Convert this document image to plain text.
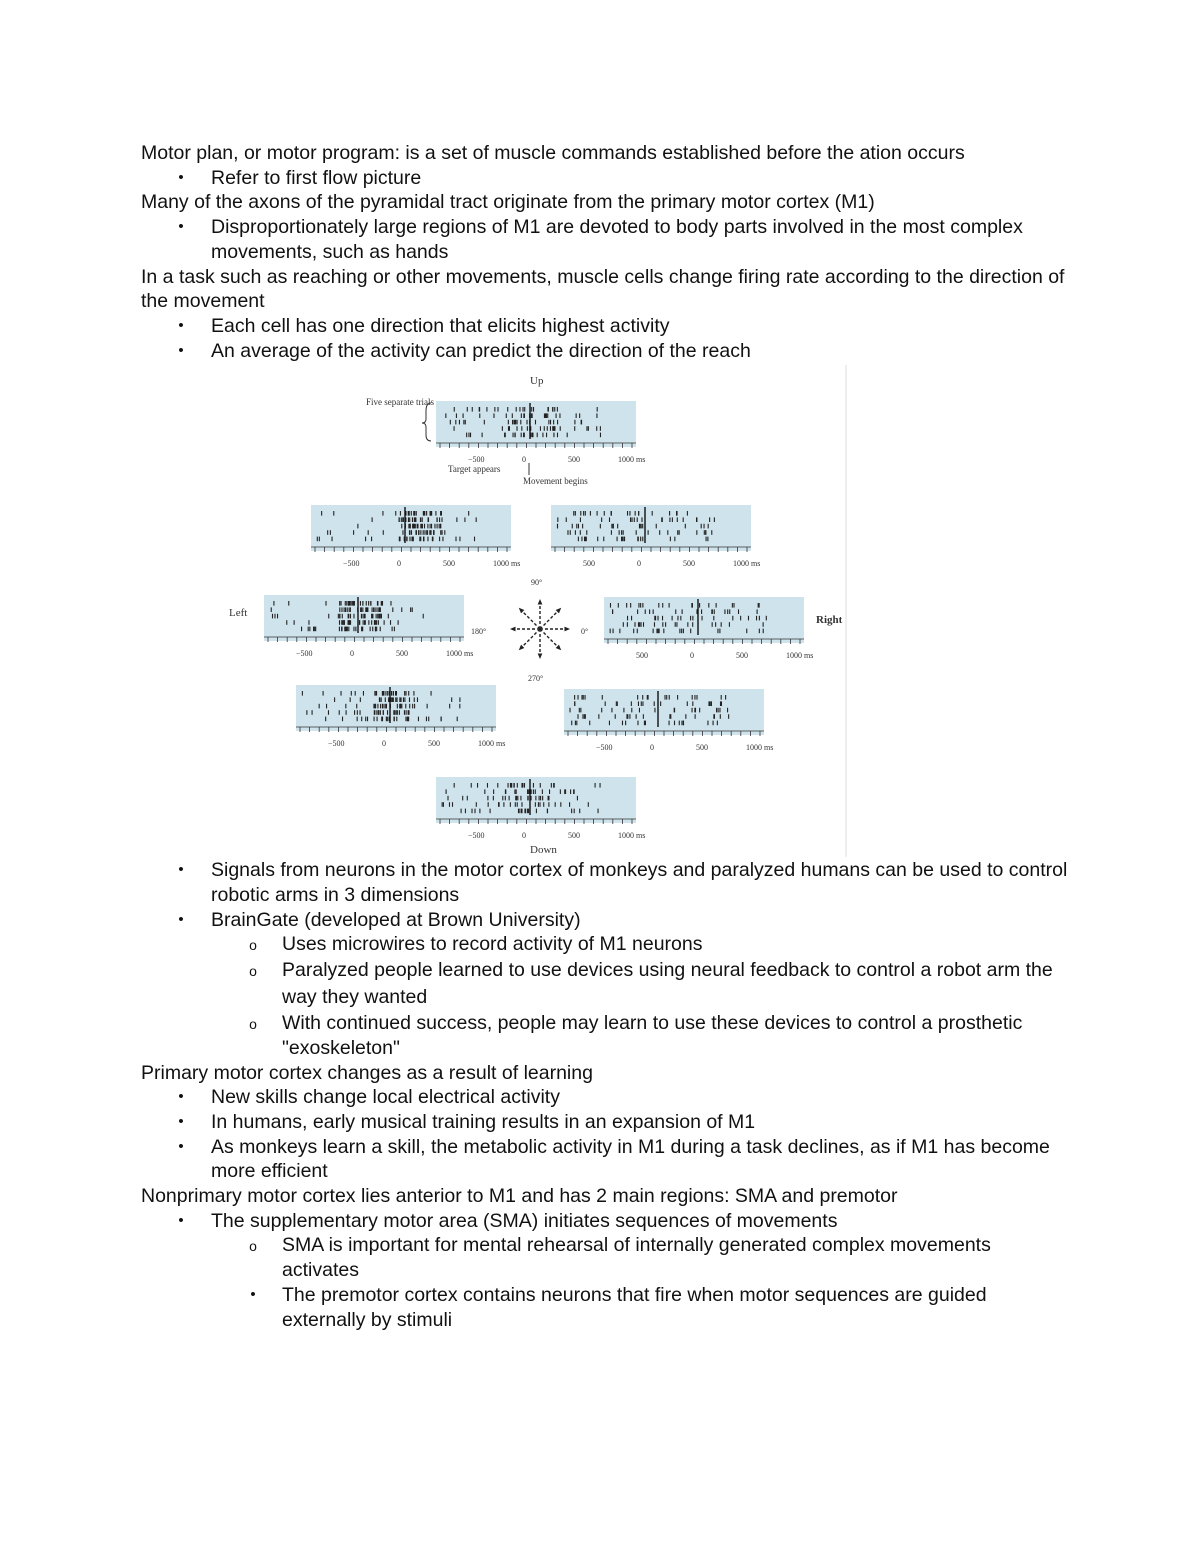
Motor plan, or motor program: is a set of muscle commands established before the ation occurs

• Refer to first flow picture

Many of the axons of the pyramidal tract originate from the primary motor cortex (M1)

• Disproportionately large regions of M1 are devoted to body parts involved in the most complex movements, such as hands

In a task such as reaching or other movements, muscle cells change firing rate according to the direction of the movement

• Each cell has one direction that elicits highest activity
• An average of the activity can predict the direction of the reach
−500	0	500	1000 ms
−500	0	500	1000 ms	500	0	500	1000 ms
−500	0	500	1000 ms	500	0	500	1000 ms
−500	0	500	1000 ms	−500	0	500	1000 ms
−500	0	500	1000 ms
Up
Down
Left
Right
Five separate trials
Target appears
Movement begins
90°
180°	0°
270°
• Signals from neurons in the motor cortex of monkeys and paralyzed humans can be used to control robotic arms in 3 dimensions
• BrainGate (developed at Brown University)
o Uses microwires to record activity of M1 neurons
o Paralyzed people learned to use devices using neural feedback to control a robot arm the way they wanted
o With continued success, people may learn to use these devices to control a prosthetic "exoskeleton"

Primary motor cortex changes as a result of learning

• New skills change local electrical activity
• In humans, early musical training results in an expansion of M1
• As monkeys learn a skill, the metabolic activity in M1 during a task declines, as if M1 has become more efficient

Nonprimary motor cortex lies anterior to M1 and has 2 main regions: SMA and premotor

• The supplementary motor area (SMA) initiates sequences of movements
o SMA is important for mental rehearsal of internally generated complex movements activates
• The premotor cortex contains neurons that fire when motor sequences are guided externally by stimuli
